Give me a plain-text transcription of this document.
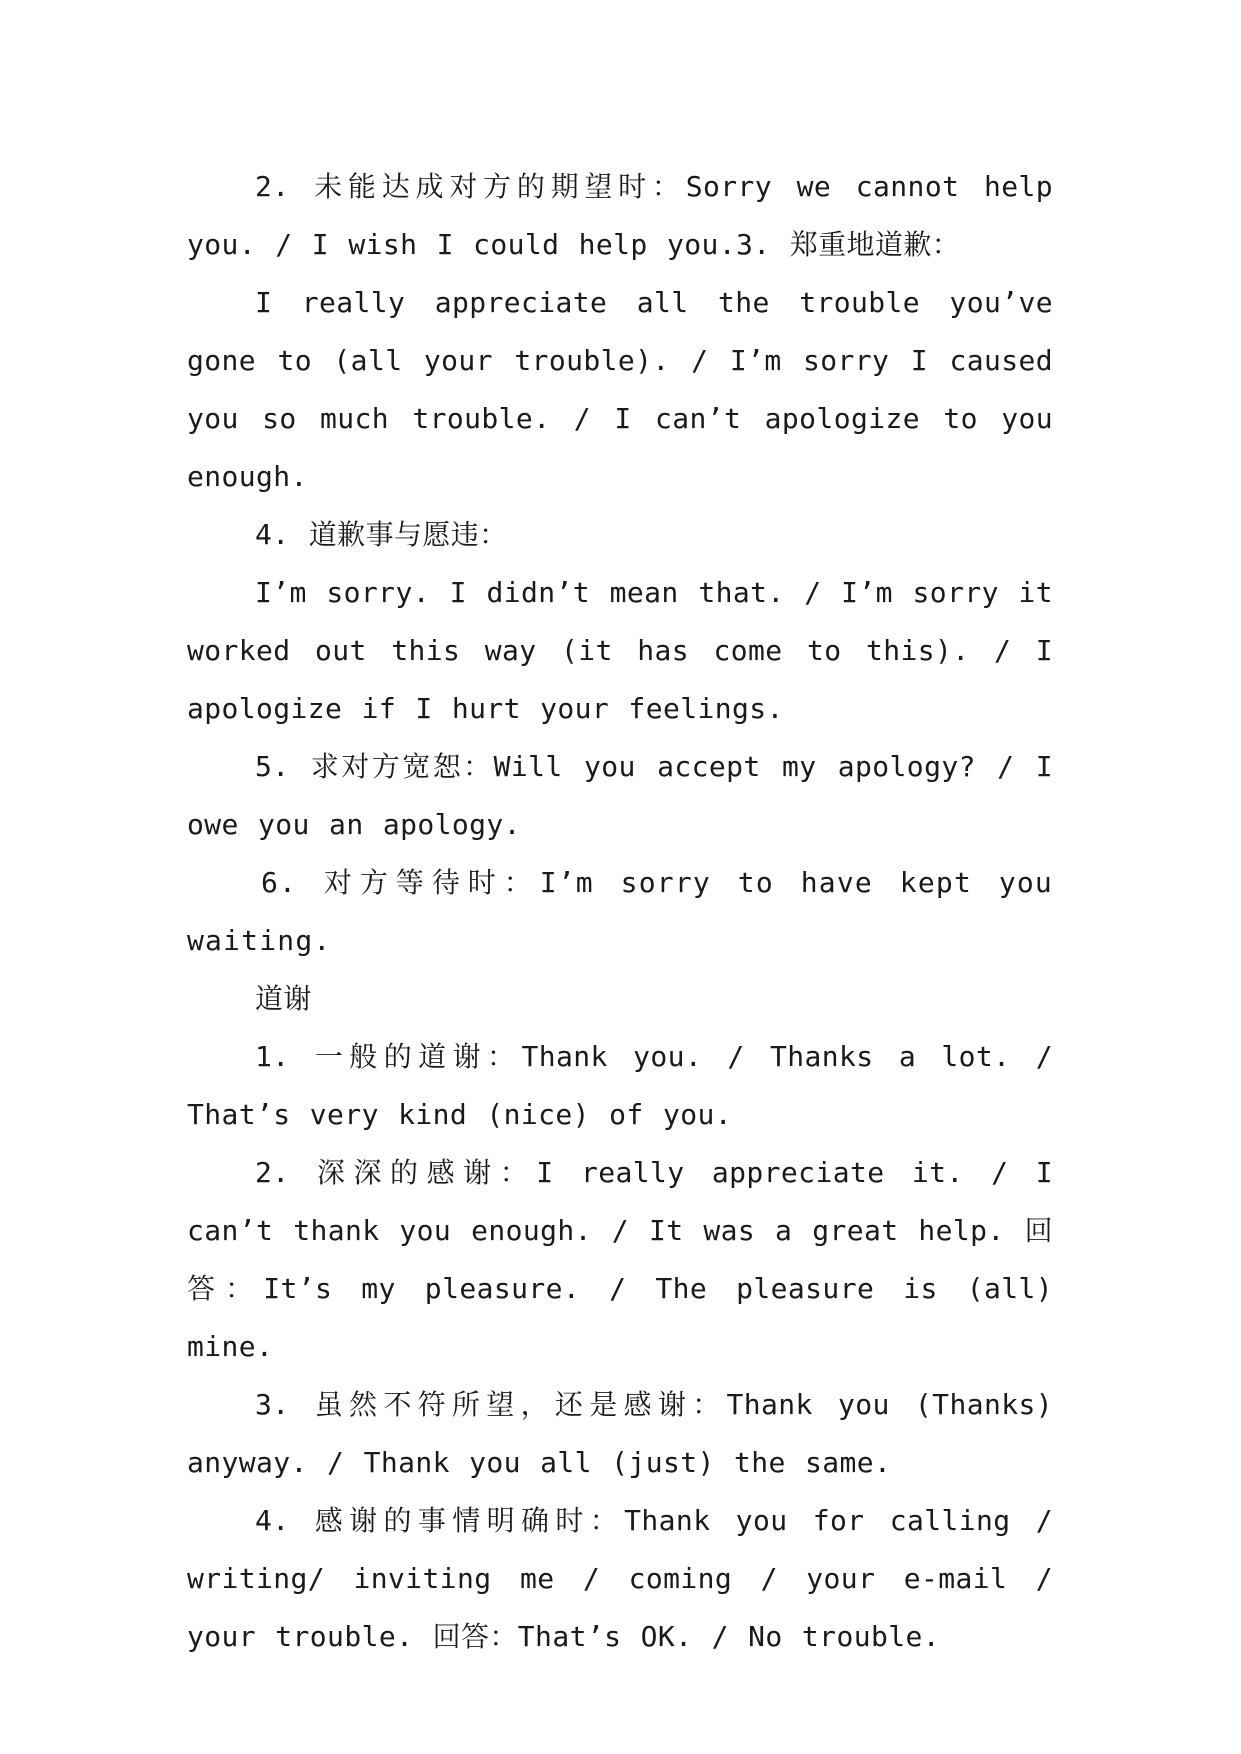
2. 未能达成对方的期望时：Sorry we cannot help you. / I wish I could help you.3. 郑重地道歉：

I really appreciate all the trouble you’ve gone to (all your trouble). / I’m sorry I caused you so much trouble. / I can’t apologize to you enough.

4. 道歉事与愿违：

I’m sorry. I didn’t mean that. / I’m sorry it worked out this way (it has come to this). / I apologize if I hurt your feelings.

5. 求对方宽恕：Will you accept my apology? / I owe you an apology.

6. 对方等待时：I’m sorry to have kept you waiting.

道谢

1. 一般的道谢：Thank you. / Thanks a lot. / That’s very kind (nice) of you.

2. 深深的感谢：I really appreciate it. / I can’t thank you enough. / It was a great help. 回答：It’s my pleasure. / The pleasure is (all) mine.

3. 虽然不符所望，还是感谢：Thank you (Thanks) anyway. / Thank you all (just) the same.

4. 感谢的事情明确时：Thank you for calling / writing/ inviting me / coming / your e-mail / your trouble. 回答：That’s OK. / No trouble.
